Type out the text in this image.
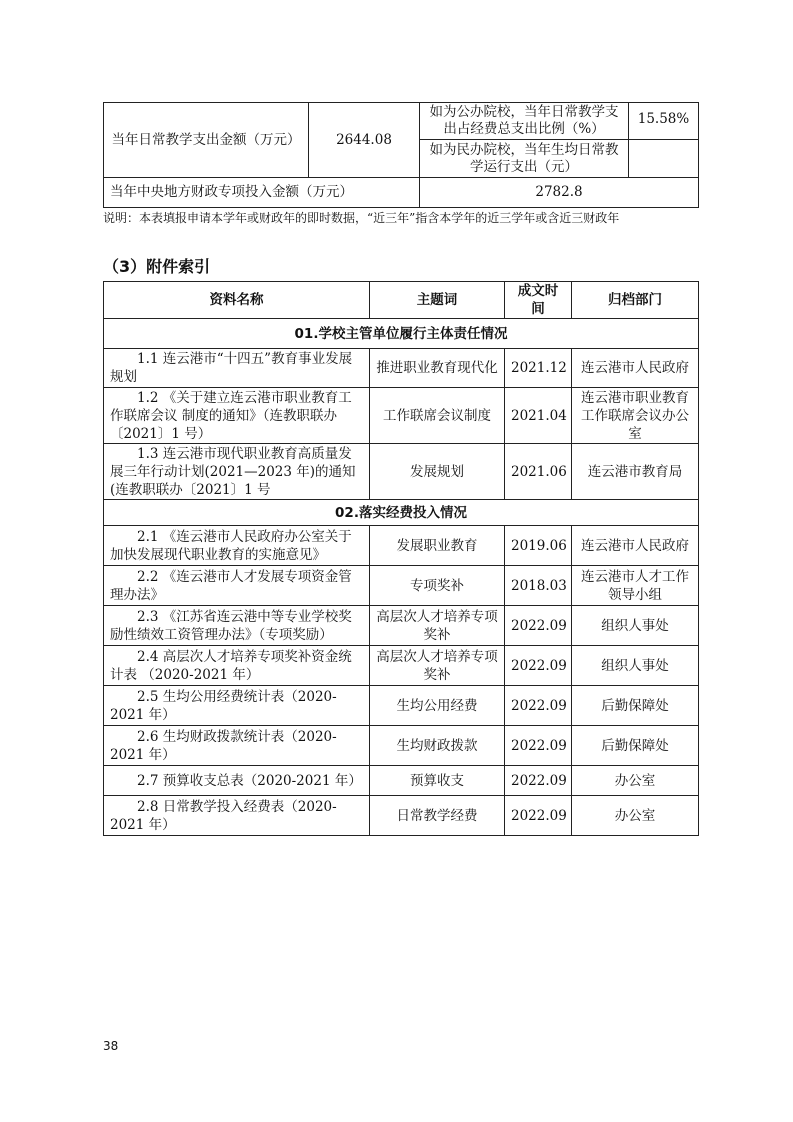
当年日常教学支出金额（万元）	2644.08	如为公办院校，当年日常教学支出占经费总支出比例（%）	15.58%
		如为民办院校，当年生均日常教学运行支出（元）	
当年中央地方财政专项投入金额（万元）		2782.8	
说明：本表填报申请本学年或财政年的即时数据，“近三年”指含本学年的近三学年或含近三财政年
（3）附件索引
资料名称	主题词	成文时间	归档部门
01.学校主管单位履行主体责任情况			
1.1 连云港市“十四五”教育事业发展规划	推进职业教育现代化	2021.12	连云港市人民政府
1.2 《关于建立连云港市职业教育工作联席会议 制度的通知》（连教职联办〔2021〕1 号）	工作联席会议制度	2021.04	连云港市职业教育工作联席会议办公室
1.3 连云港市现代职业教育高质量发展三年行动计划(2021—2023 年)的通知(连教职联办〔2021〕1 号	发展规划	2021.06	连云港市教育局
02.落实经费投入情况			
2.1 《连云港市人民政府办公室关于加快发展现代职业教育的实施意见》	发展职业教育	2019.06	连云港市人民政府
2.2 《连云港市人才发展专项资金管理办法》	专项奖补	2018.03	连云港市人才工作领导小组
2.3 《江苏省连云港中等专业学校奖励性绩效工资管理办法》（专项奖励）	高层次人才培养专项奖补	2022.09	组织人事处
2.4 高层次人才培养专项奖补资金统计表 （2020-2021 年）	高层次人才培养专项奖补	2022.09	组织人事处
2.5 生均公用经费统计表（2020-2021 年）	生均公用经费	2022.09	后勤保障处
2.6 生均财政拨款统计表（2020-2021 年）	生均财政拨款	2022.09	后勤保障处
2.7 预算收支总表（2020-2021 年）	预算收支	2022.09	办公室
2.8 日常教学投入经费表（2020-2021 年）	日常教学经费	2022.09	办公室
38
